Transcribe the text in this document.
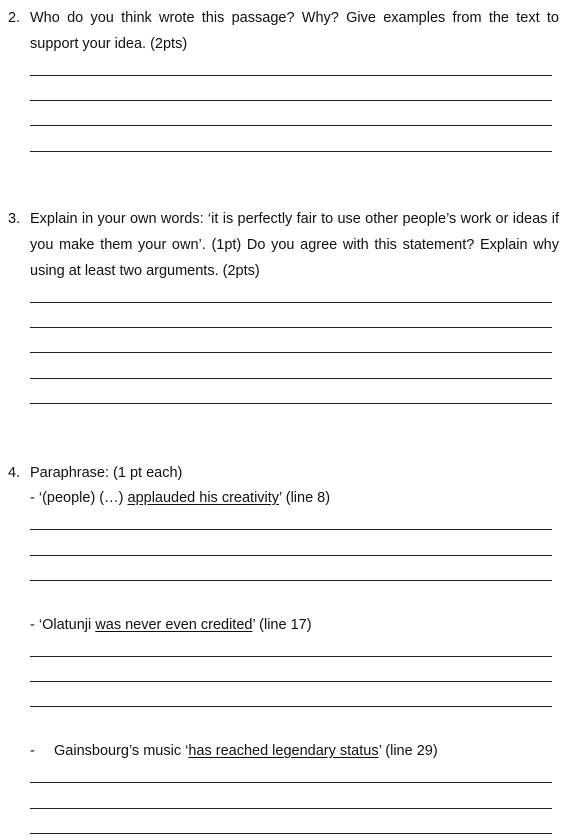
2. Who do you think wrote this passage? Why? Give examples from the text to support your idea. (2pts)
3. Explain in your own words: ‘it is perfectly fair to use other people’s work or ideas if you make them your own’. (1pt) Do you agree with this statement? Explain why using at least two arguments. (2pts)
4. Paraphrase: (1 pt each)
- ‘(people) (…) applauded his creativity’ (line 8)
- ‘Olatunji was never even credited’ (line 17)
- Gainsbourg’s music ‘has reached legendary status’ (line 29)
